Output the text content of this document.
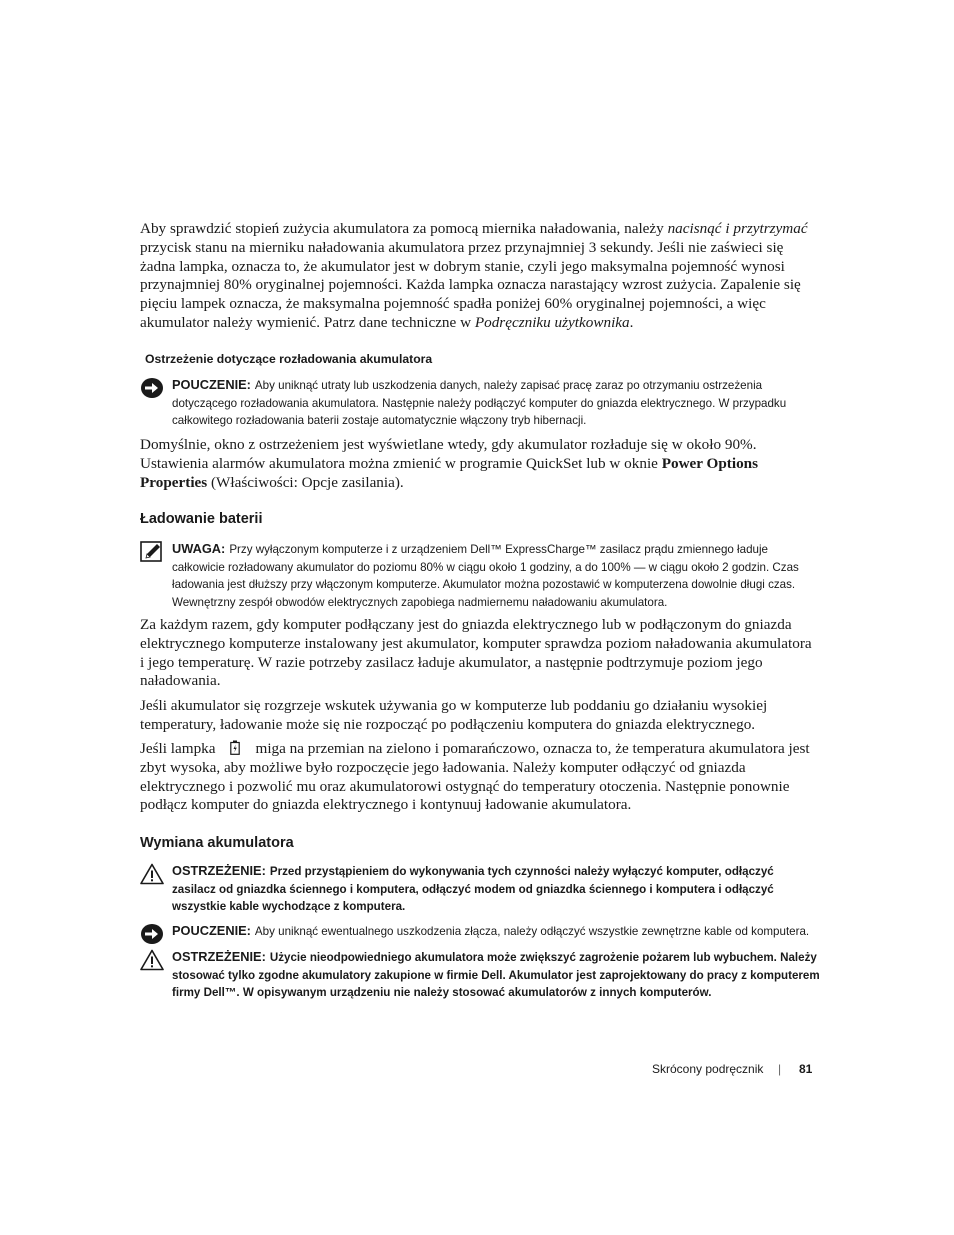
Aby sprawdzić stopień zużycia akumulatora za pomocą miernika naładowania, należy nacisnąć i przytrzymać przycisk stanu na mierniku naładowania akumulatora przez przynajmniej 3 sekundy. Jeśli nie zaświeci się żadna lampka, oznacza to, że akumulator jest w dobrym stanie, czyli jego maksymalna pojemność wynosi przynajmniej 80% oryginalnej pojemności. Każda lampka oznacza narastający wzrost zużycia. Zapalenie się pięciu lampek oznacza, że maksymalna pojemność spadła poniżej 60% oryginalnej pojemności, a więc akumulator należy wymienić. Patrz dane techniczne w Podręczniku użytkownika.
Ostrzeżenie dotyczące rozładowania akumulatora
POUCZENIE: Aby uniknąć utraty lub uszkodzenia danych, należy zapisać pracę zaraz po otrzymaniu ostrzeżenia dotyczącego rozładowania akumulatora. Następnie należy podłączyć komputer do gniazda elektrycznego. W przypadku całkowitego rozładowania baterii zostaje automatycznie włączony tryb hibernacji.
Domyślnie, okno z ostrzeżeniem jest wyświetlane wtedy, gdy akumulator rozładuje się w około 90%. Ustawienia alarmów akumulatora można zmienić w programie QuickSet lub w oknie Power Options Properties (Właściwości: Opcje zasilania).
Ładowanie baterii
UWAGA: Przy wyłączonym komputerze i z urządzeniem Dell™ ExpressCharge™ zasilacz prądu zmiennego ładuje całkowicie rozładowany akumulator do poziomu 80% w ciągu około 1 godziny, a do 100% — w ciągu około 2 godzin. Czas ładowania jest dłuższy przy włączonym komputerze. Akumulator można pozostawić w komputerzena dowolnie długi czas. Wewnętrzny zespół obwodów elektrycznych zapobiega nadmiernemu naładowaniu akumulatora.
Za każdym razem, gdy komputer podłączany jest do gniazda elektrycznego lub w podłączonym do gniazda elektrycznego komputerze instalowany jest akumulator, komputer sprawdza poziom naładowania akumulatora i jego temperaturę. W razie potrzeby zasilacz ładuje akumulator, a następnie podtrzymuje poziom jego naładowania.
Jeśli akumulator się rozgrzeje wskutek używania go w komputerze lub poddaniu go działaniu wysokiej temperatury, ładowanie może się nie rozpocząć po podłączeniu komputera do gniazda elektrycznego.
Jeśli lampka	miga na przemian na zielono i pomarańczowo, oznacza to, że temperatura akumulatora jest zbyt wysoka, aby możliwe było rozpoczęcie jego ładowania. Należy komputer odłączyć od gniazda elektrycznego i pozwolić mu oraz akumulatorowi ostygnąć do temperatury otoczenia. Następnie ponownie podłącz komputer do gniazda elektrycznego i kontynuuj ładowanie akumulatora.
Wymiana akumulatora
OSTRZEŻENIE: Przed przystąpieniem do wykonywania tych czynności należy wyłączyć komputer, odłączyć zasilacz od gniazdka ściennego i komputera, odłączyć modem od gniazdka ściennego i komputera i odłączyć wszystkie kable wychodzące z komputera.
POUCZENIE: Aby uniknąć ewentualnego uszkodzenia złącza, należy odłączyć wszystkie zewnętrzne kable od komputera.
OSTRZEŻENIE: Użycie nieodpowiedniego akumulatora może zwiększyć zagrożenie pożarem lub wybuchem. Należy stosować tylko zgodne akumulatory zakupione w firmie Dell. Akumulator jest zaprojektowany do pracy z komputerem firmy Dell™. W opisywanym urządzeniu nie należy stosować akumulatorów z innych komputerów.
Skrócony podręcznik | 81
